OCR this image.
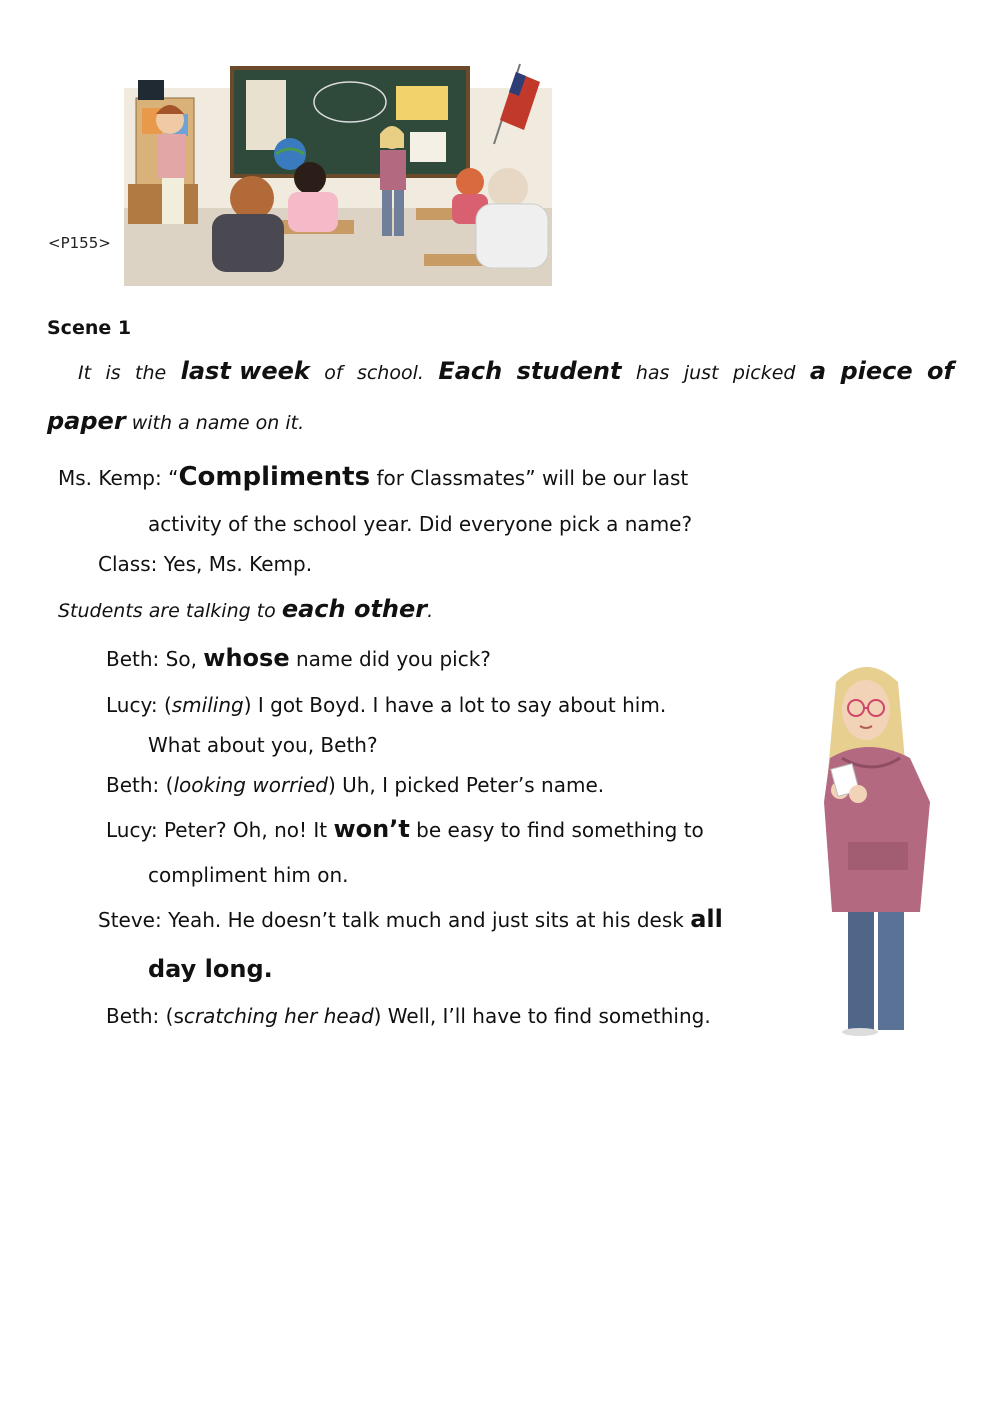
<P155>
Scene 1
It is the last week of school. Each student has just picked a piece of
paper with a name on it.
Ms. Kemp: “Compliments for Classmates” will be our last
activity of the school year. Did everyone pick a name?
Class: Yes, Ms. Kemp.
Students are talking to each other.
Beth: So, whose name did you pick?
Lucy: (smiling) I got Boyd. I have a lot to say about him.
What about you, Beth?
Beth: (looking worried) Uh, I picked Peter’s name.
Lucy: Peter? Oh, no! It won’t be easy to find something to
compliment him on.
Steve: Yeah. He doesn’t talk much and just sits at his desk all
day long.
Beth: (scratching her head) Well, I’ll have to find something.
